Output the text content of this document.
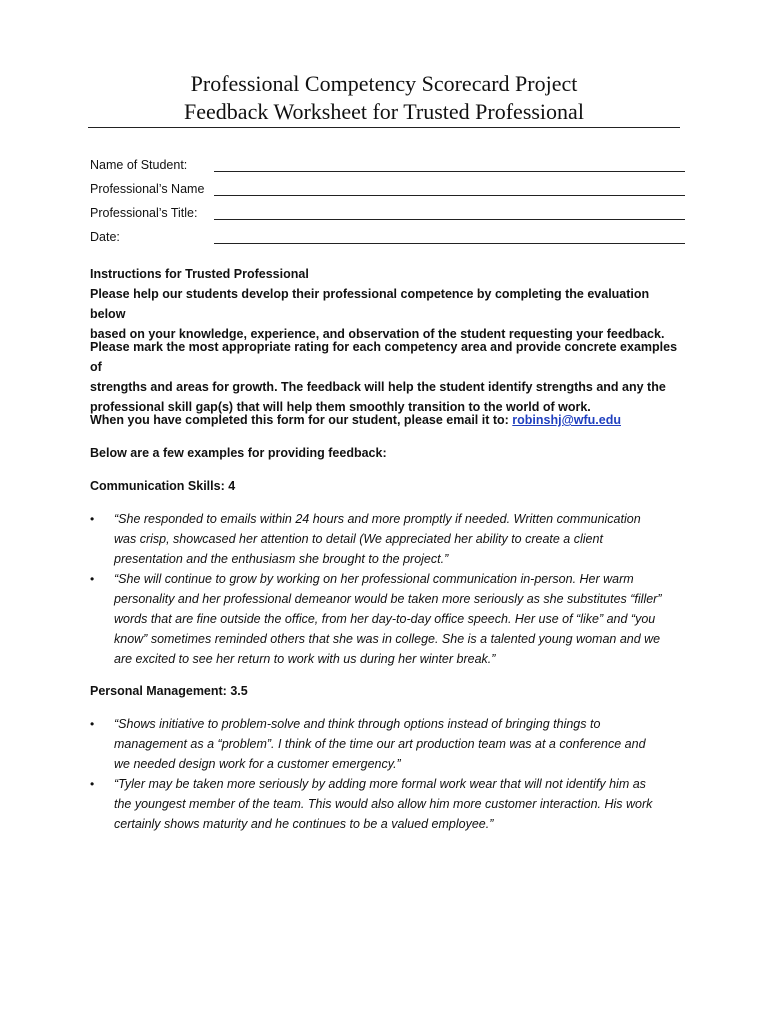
Professional Competency Scorecard Project
Feedback Worksheet for Trusted Professional
Name of Student:
Professional’s Name
Professional’s Title:
Date:
Instructions for Trusted Professional
Please help our students develop their professional competence by completing the evaluation below
based on your knowledge, experience, and observation of the student requesting your feedback.
Please mark the most appropriate rating for each competency area and provide concrete examples of
strengths and areas for growth. The feedback will help the student identify strengths and any the
professional skill gap(s) that will help them smoothly transition to the world of work.
When you have completed this form for our student, please email it to: robinshj@wfu.edu
Below are a few examples for providing feedback:
Communication Skills: 4
• “She responded to emails within 24 hours and more promptly if needed. Written communication
was crisp, showcased her attention to detail (We appreciated her ability to create a client
presentation and the enthusiasm she brought to the project.”
• “She will continue to grow by working on her professional communication in-person. Her warm
personality and her professional demeanor would be taken more seriously as she substitutes “filler”
words that are fine outside the office, from her day-to-day office speech. Her use of “like” and “you
know” sometimes reminded others that she was in college. She is a talented young woman and we
are excited to see her return to work with us during her winter break.”
Personal Management: 3.5
• “Shows initiative to problem-solve and think through options instead of bringing things to
management as a “problem”. I think of the time our art production team was at a conference and
we needed design work for a customer emergency.”
• “Tyler may be taken more seriously by adding more formal work wear that will not identify him as
the youngest member of the team. This would also allow him more customer interaction. His work
certainly shows maturity and he continues to be a valued employee.”
